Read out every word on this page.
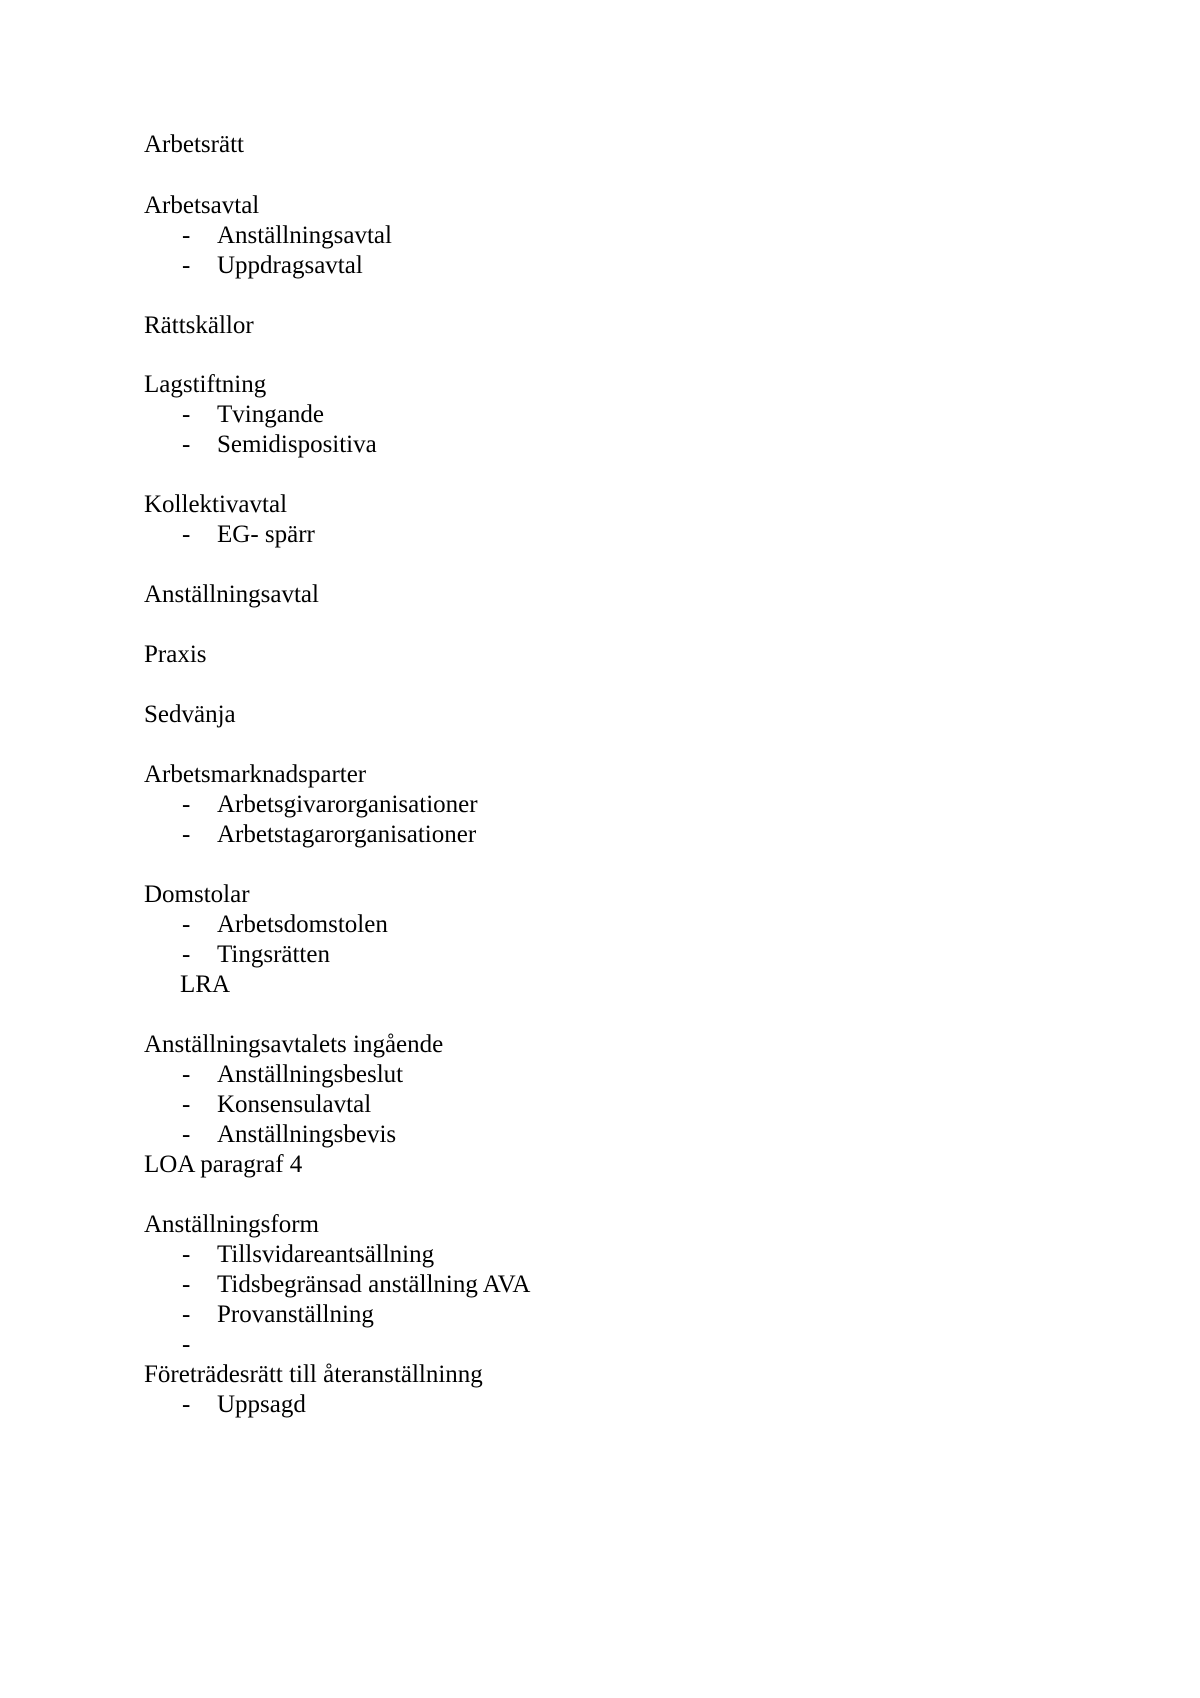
Arbetsrätt
Arbetsavtal
- Anställningsavtal
- Uppdragsavtal
Rättskällor
Lagstiftning
- Tvingande
- Semidispositiva
Kollektivavtal
- EG- spärr
Anställningsavtal
Praxis
Sedvänja
Arbetsmarknadsparter
- Arbetsgivarorganisationer
- Arbetstagarorganisationer
Domstolar
- Arbetsdomstolen
- Tingsrätten
LRA
Anställningsavtalets ingående
- Anställningsbeslut
- Konsensulavtal
- Anställningsbevis
LOA paragraf 4
Anställningsform
- Tillsvidareantsällning
- Tidsbegränsad anställning AVA
- Provanställning
-
Företrädesrätt till återanställninng
- Uppsagd
